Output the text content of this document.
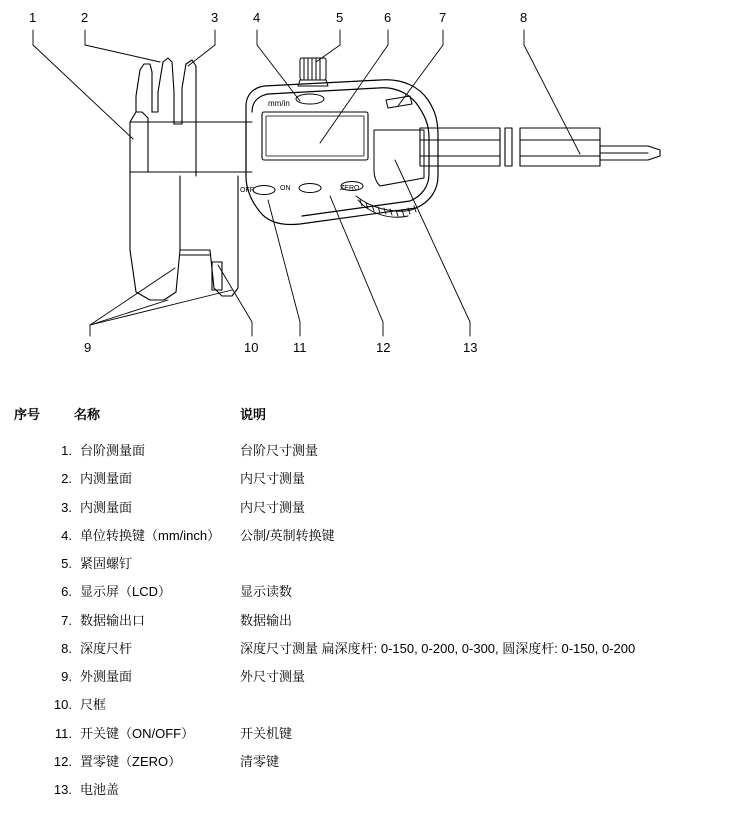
mm/in
OFF	ON	ZERO
1	2	3	4	5	6	7	8
9	10	11	12	13
序号	名称	说明
1.	台阶测量面	台阶尺寸测量
2.	内测量面	内尺寸测量
3.	内测量面	内尺寸测量
4.	单位转换键（mm/inch）	公制/英制转换键
5.	紧固螺钉	
6.	显示屏（LCD）	显示读数
7.	数据输出口	数据输出
8.	深度尺杆	深度尺寸测量 扁深度杆: 0-150, 0-200, 0-300, 圆深度杆: 0-150, 0-200
9.	外测量面	外尺寸测量
10.	尺框	
11.	开关键（ON/OFF）	开关机键
12.	置零键（ZERO）	清零键
13.	电池盖	
